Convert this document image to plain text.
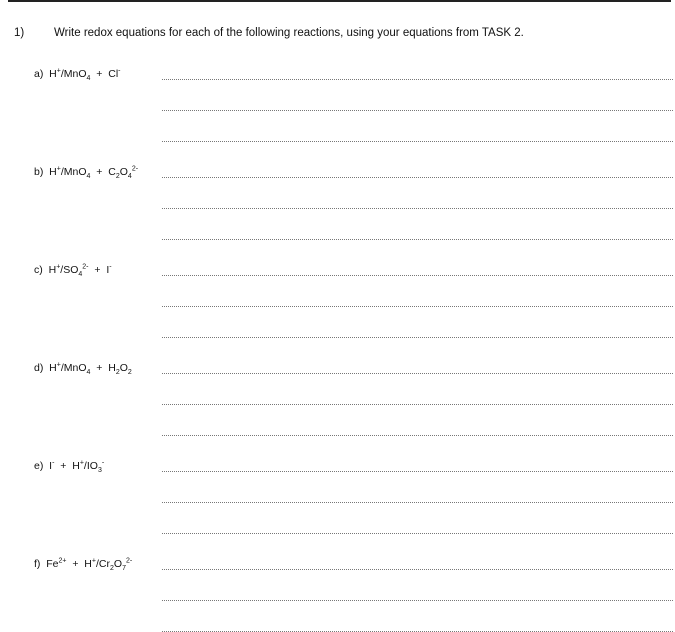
1)	Write redox equations for each of the following reactions, using your equations from TASK 2.
a)  H+/MnO$_4$  +  Cl-
b)  $H^+/MnO_4 + C_2O_4^{2-}$
c)  $H^+/SO_4^{2-} + I^-$
d)  $H^+/MnO_4 + H_2O_2$
e)  $I^- + H^+/IO_3^-$
f)  $Fe^{2+} + H^+/Cr_2O_7^{2-}$
